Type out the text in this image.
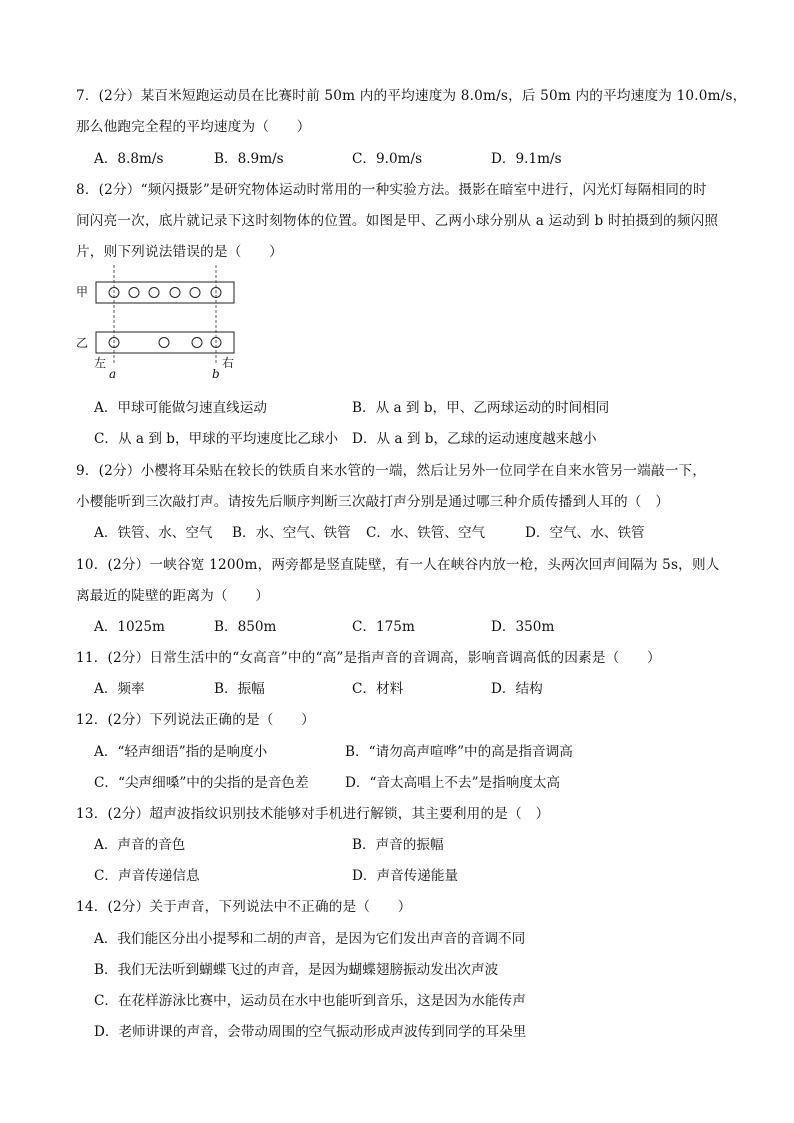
7．(2分）某百米短跑运动员在比赛时前 50m 内的平均速度为 8.0m/s，后 50m 内的平均速度为 10.0m/s，
那么他跑完全程的平均速度为（　　）
A．8.8m/s	B．8.9m/s	C．9.0m/s	D．9.1m/s
8．(2分）“频闪摄影”是研究物体运动时常用的一种实验方法。摄影在暗室中进行，闪光灯每隔相同的时
间闪亮一次，底片就记录下这时刻物体的位置。如图是甲、乙两小球分别从 a 运动到 b 时拍摄到的频闪照
片，则下列说法错误的是（　　）
甲
乙
左	右
a	b
A．甲球可能做匀速直线运动	B．从 a 到 b，甲、乙两球运动的时间相同
C．从 a 到 b，甲球的平均速度比乙球小 D．从 a 到 b，乙球的运动速度越来越小
9．(2分）小樱将耳朵贴在较长的铁质自来水管的一端，然后让另外一位同学在自来水管另一端敲一下，
小樱能听到三次敲打声。请按先后顺序判断三次敲打声分别是通过哪三种介质传播到人耳的（　）
A．铁管、水、空气 B．水、空气、铁管 C．水、铁管、空气	D．空气、水、铁管
10．(2分）一峡谷宽 1200m，两旁都是竖直陡壁，有一人在峡谷内放一枪，头两次回声间隔为 5s，则人
离最近的陡壁的距离为（　　）
A．1025m	B．850m	C．175m	D．350m
11．(2分）日常生活中的“女高音”中的“高”是指声音的音调高，影响音调高低的因素是（　　）
A．频率	B．振幅	C．材料	D．结构
12．(2分）下列说法正确的是（　　）
A．“轻声细语”指的是响度小	B．“请勿高声喧哗”中的高是指音调高
C．“尖声细嗓”中的尖指的是音色差	D．“音太高唱上不去”是指响度太高
13．(2分）超声波指纹识别技术能够对手机进行解锁，其主要利用的是（　）
A．声音的音色	B．声音的振幅
C．声音传递信息	D．声音传递能量
14．(2分）关于声音，下列说法中不正确的是（　　）
A．我们能区分出小提琴和二胡的声音，是因为它们发出声音的音调不同
B．我们无法听到蝴蝶飞过的声音，是因为蝴蝶翅膀振动发出次声波
C．在花样游泳比赛中，运动员在水中也能听到音乐，这是因为水能传声
D．老师讲课的声音，会带动周围的空气振动形成声波传到同学的耳朵里
